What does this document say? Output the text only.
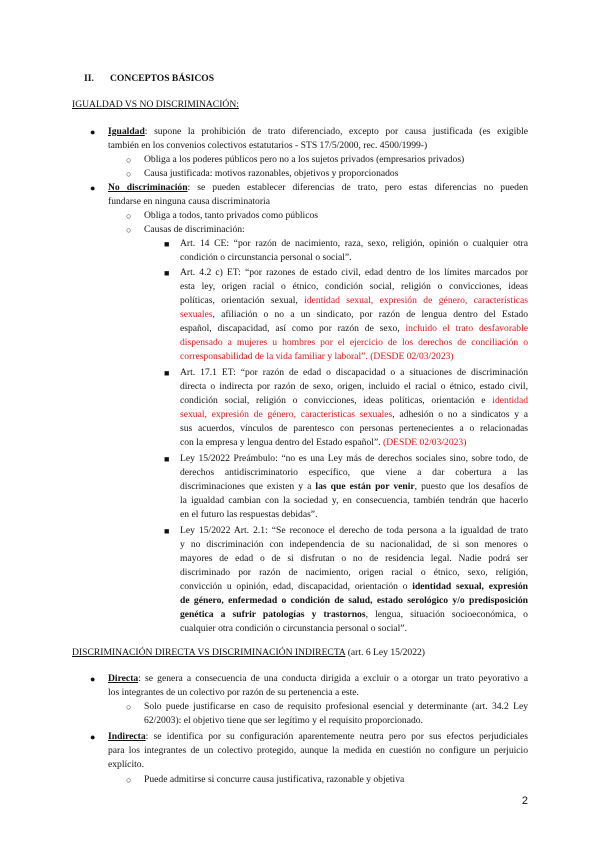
II. CONCEPTOS BÁSICOS
IGUALDAD VS NO DISCRIMINACIÓN:
● Igualdad: supone la prohibición de trato diferenciado, excepto por causa justificada (es exigible
también en los convenios colectivos estatutarios - STS 17/5/2000, rec. 4500/1999-)
○ Obliga a los poderes públicos pero no a los sujetos privados (empresarios privados)
○ Causa justificada: motivos razonables, objetivos y proporcionados
● No discriminación: se pueden establecer diferencias de trato, pero estas diferencias no pueden
fundarse en ninguna causa discriminatoria
○ Obliga a todos, tanto privados como públicos
○ Causas de discriminación:
■ Art. 14 CE: “por razón de nacimiento, raza, sexo, religión, opinión o cualquier otra
condición o circunstancia personal o social”.
■ Art. 4.2 c) ET: “por razones de estado civil, edad dentro de los límites marcados por
esta ley, origen racial o étnico, condición social, religión o convicciones, ideas
políticas, orientación sexual, identidad sexual, expresión de género, características
sexuales, afiliación o no a un sindicato, por razón de lengua dentro del Estado
español, discapacidad, así como por razón de sexo, incluido el trato desfavorable
dispensado a mujeres u hombres por el ejercicio de los derechos de conciliación o
corresponsabilidad de la vida familiar y laboral”. (DESDE 02/03/2023)
■ Art. 17.1 ET: “por razón de edad o discapacidad o a situaciones de discriminación
directa o indirecta por razón de sexo, origen, incluido el racial o étnico, estado civil,
condición social, religión o convicciones, ideas políticas, orientación e identidad
sexual, expresión de género, características sexuales, adhesión o no a sindicatos y a
sus acuerdos, vínculos de parentesco con personas pertenecientes a o relacionadas
con la empresa y lengua dentro del Estado español”. (DESDE 02/03/2023)
■ Ley 15/2022 Preámbulo: “no es una Ley más de derechos sociales sino, sobre todo, de
derechos antidiscriminatorio específico, que viene a dar cobertura a las
discriminaciones que existen y a las que están por venir, puesto que los desafíos de
la igualdad cambian con la sociedad y, en consecuencia, también tendrán que hacerlo
en el futuro las respuestas debidas”.
■ Ley 15/2022 Art. 2.1: “Se reconoce el derecho de toda persona a la igualdad de trato
y no discriminación con independencia de su nacionalidad, de si son menores o
mayores de edad o de si disfrutan o no de residencia legal. Nadie podrá ser
discriminado por razón de nacimiento, origen racial o étnico, sexo, religión,
convicción u opinión, edad, discapacidad, orientación o identidad sexual, expresión
de género, enfermedad o condición de salud, estado serológico y/o predisposición
genética a sufrir patologías y trastornos, lengua, situación socioeconómica, o
cualquier otra condición o circunstancia personal o social”.
DISCRIMINACIÓN DIRECTA VS DISCRIMINACIÓN INDIRECTA (art. 6 Ley 15/2022)
● Directa: se genera a consecuencia de una conducta dirigida a excluir o a otorgar un trato peyorativo a
los integrantes de un colectivo por razón de su pertenencia a este.
○ Solo puede justificarse en caso de requisito profesional esencial y determinante (art. 34.2 Ley
62/2003): el objetivo tiene que ser legítimo y el requisito proporcionado.
● Indirecta: se identifica por su configuración aparentemente neutra pero por sus efectos perjudiciales
para los integrantes de un colectivo protegido, aunque la medida en cuestión no configure un perjuicio
explícito.
○ Puede admitirse si concurre causa justificativa, razonable y objetiva
2
